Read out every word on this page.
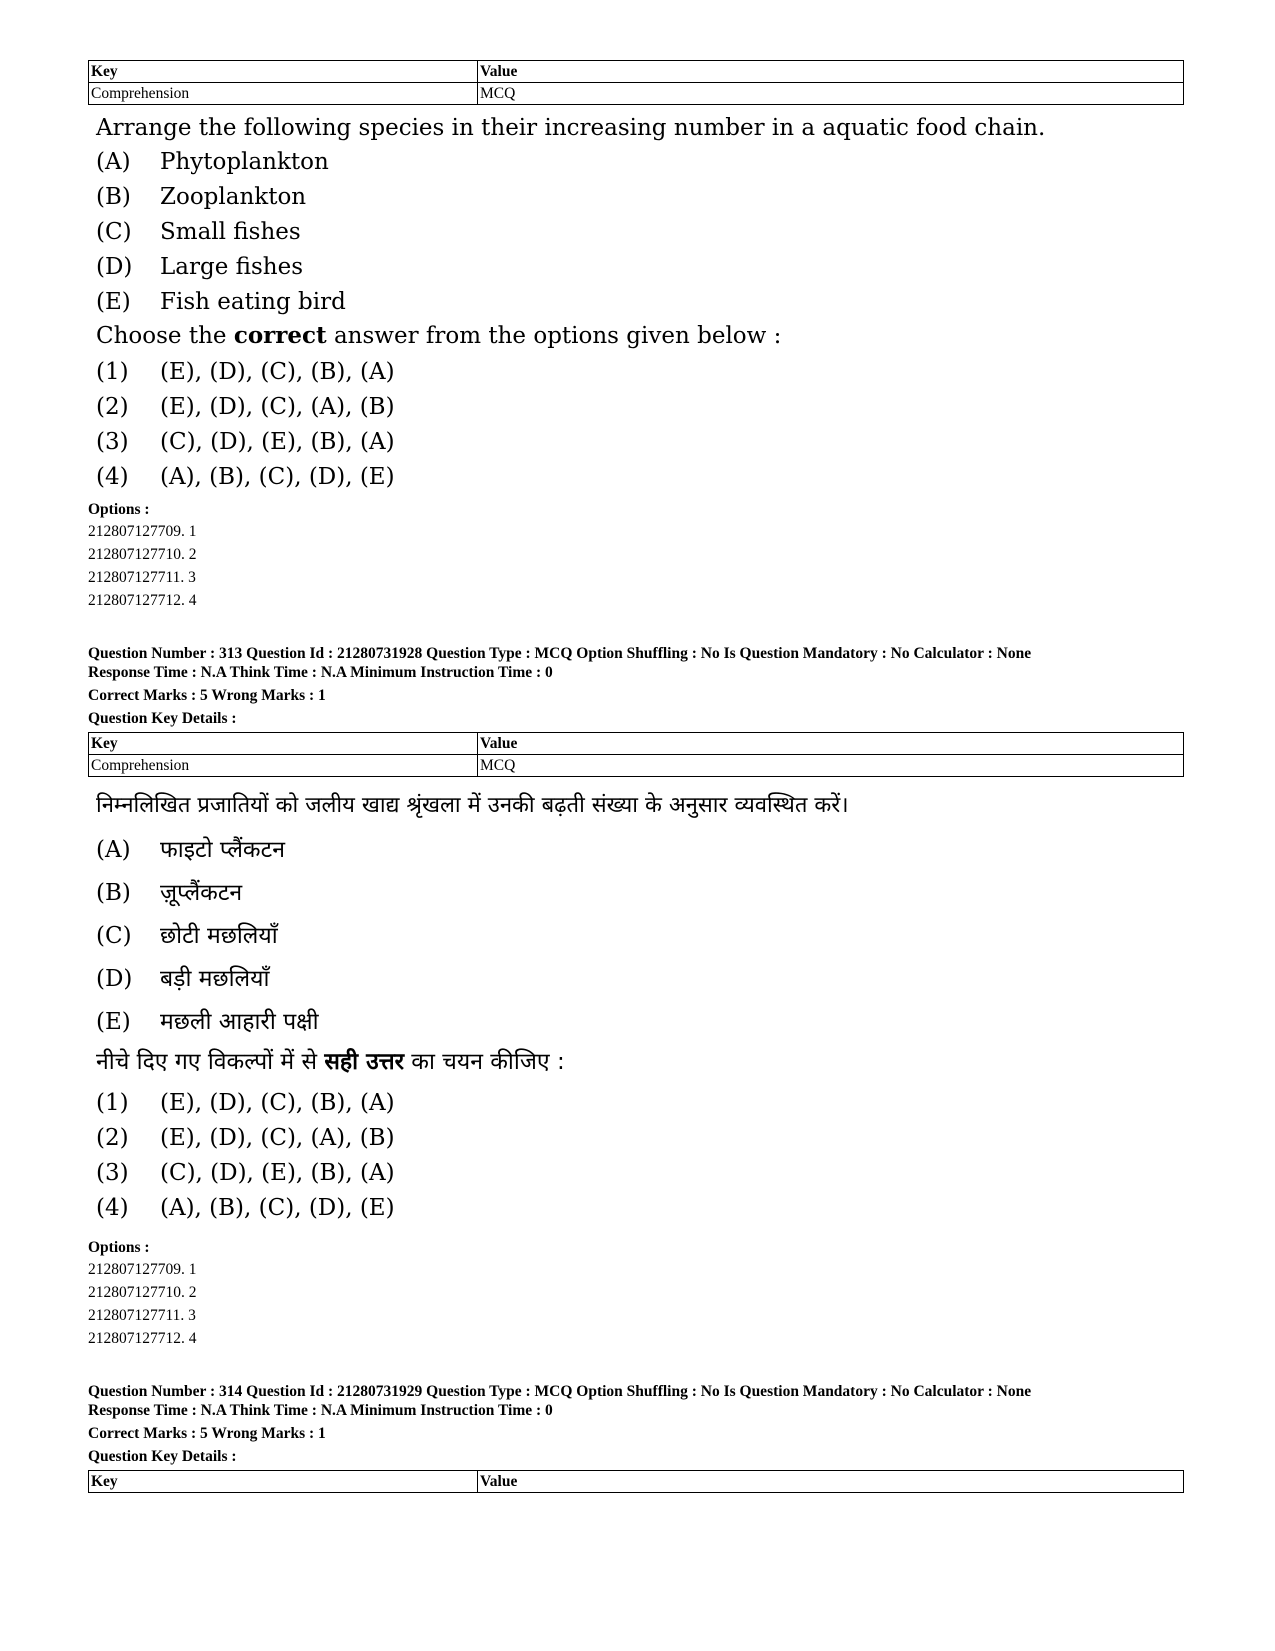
Key	Value
Comprehension	MCQ
Arrange the following species in their increasing number in a aquatic food chain.
(A) Phytoplankton
(B) Zooplankton
(C) Small fishes
(D) Large fishes
(E) Fish eating bird
Choose the correct answer from the options given below :
(1) (E), (D), (C), (B), (A)
(2) (E), (D), (C), (A), (B)
(3) (C), (D), (E), (B), (A)
(4) (A), (B), (C), (D), (E)
Options :
212807127709. 1
212807127710. 2
212807127711. 3
212807127712. 4
Question Number : 313 Question Id : 21280731928 Question Type : MCQ Option Shuffling : No Is Question Mandatory : No Calculator : None
Response Time : N.A Think Time : N.A Minimum Instruction Time : 0
Correct Marks : 5 Wrong Marks : 1
Question Key Details :
Key	Value
Comprehension	MCQ
निम्नलिखित प्रजातियों को जलीय खाद्य श्रृंखला में उनकी बढ़ती संख्या के अनुसार व्यवस्थित करें।
(A) फाइटो प्लैंकटन
(B) ज़ूप्लैंकटन
(C) छोटी मछलियाँ
(D) बड़ी मछलियाँ
(E) मछली आहारी पक्षी
नीचे दिए गए विकल्पों में से सही उत्तर का चयन कीजिए :
(1) (E), (D), (C), (B), (A)
(2) (E), (D), (C), (A), (B)
(3) (C), (D), (E), (B), (A)
(4) (A), (B), (C), (D), (E)
Options :
212807127709. 1
212807127710. 2
212807127711. 3
212807127712. 4
Question Number : 314 Question Id : 21280731929 Question Type : MCQ Option Shuffling : No Is Question Mandatory : No Calculator : None
Response Time : N.A Think Time : N.A Minimum Instruction Time : 0
Correct Marks : 5 Wrong Marks : 1
Question Key Details :
Key	Value
